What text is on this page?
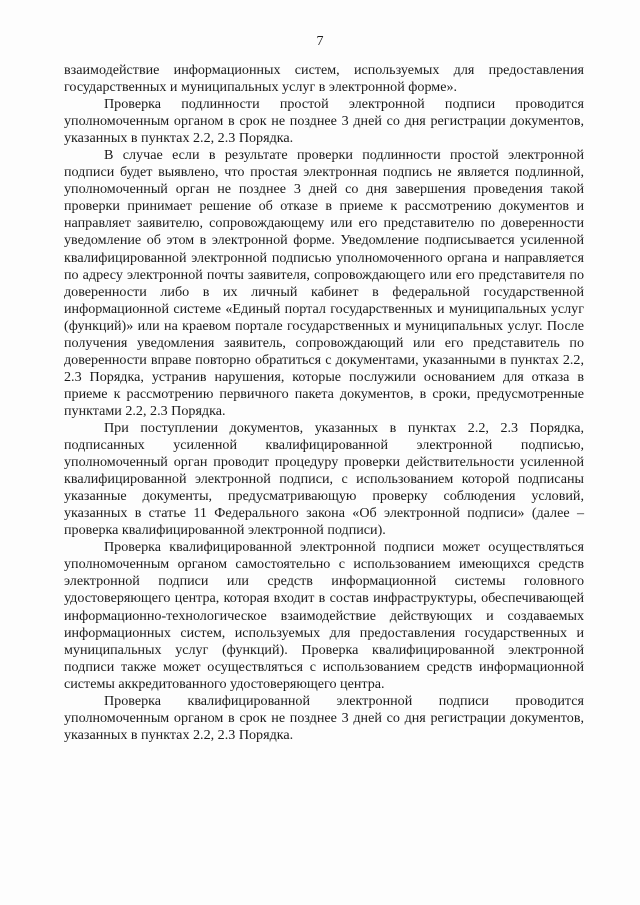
7

взаимодействие информационных систем, используемых для предоставления государственных и муниципальных услуг в электронной форме».

Проверка подлинности простой электронной подписи проводится уполномоченным органом в срок не позднее 3 дней со дня регистрации документов, указанных в пунктах 2.2, 2.3 Порядка.

В случае если в результате проверки подлинности простой электронной подписи будет выявлено, что простая электронная подпись не является подлинной, уполномоченный орган не позднее 3 дней со дня завершения проведения такой проверки принимает решение об отказе в приеме к рассмотрению документов и направляет заявителю, сопровождающему или его представителю по доверенности уведомление об этом в электронной форме. Уведомление подписывается усиленной квалифицированной электронной подписью уполномоченного органа и направляется по адресу электронной почты заявителя, сопровождающего или его представителя по доверенности либо в их личный кабинет в федеральной государственной информационной системе «Единый портал государственных и муниципальных услуг (функций)» или на краевом портале государственных и муниципальных услуг. После получения уведомления заявитель, сопровождающий или его представитель по доверенности вправе повторно обратиться с документами, указанными в пунктах 2.2, 2.3 Порядка, устранив нарушения, которые послужили основанием для отказа в приеме к рассмотрению первичного пакета документов, в сроки, предусмотренные пунктами 2.2, 2.3 Порядка.

При поступлении документов, указанных в пунктах 2.2, 2.3 Порядка, подписанных усиленной квалифицированной электронной подписью, уполномоченный орган проводит процедуру проверки действительности усиленной квалифицированной электронной подписи, с использованием которой подписаны указанные документы, предусматривающую проверку соблюдения условий, указанных в статье 11 Федерального закона «Об электронной подписи» (далее – проверка квалифицированной электронной подписи).

Проверка квалифицированной электронной подписи может осуществляться уполномоченным органом самостоятельно с использованием имеющихся средств электронной подписи или средств информационной системы головного удостоверяющего центра, которая входит в состав инфраструктуры, обеспечивающей информационно-технологическое взаимодействие действующих и создаваемых информационных систем, используемых для предоставления государственных и муниципальных услуг (функций). Проверка квалифицированной электронной подписи также может осуществляться с использованием средств информационной системы аккредитованного удостоверяющего центра.

Проверка квалифицированной электронной подписи проводится уполномоченным органом в срок не позднее 3 дней со дня регистрации документов, указанных в пунктах 2.2, 2.3 Порядка.
